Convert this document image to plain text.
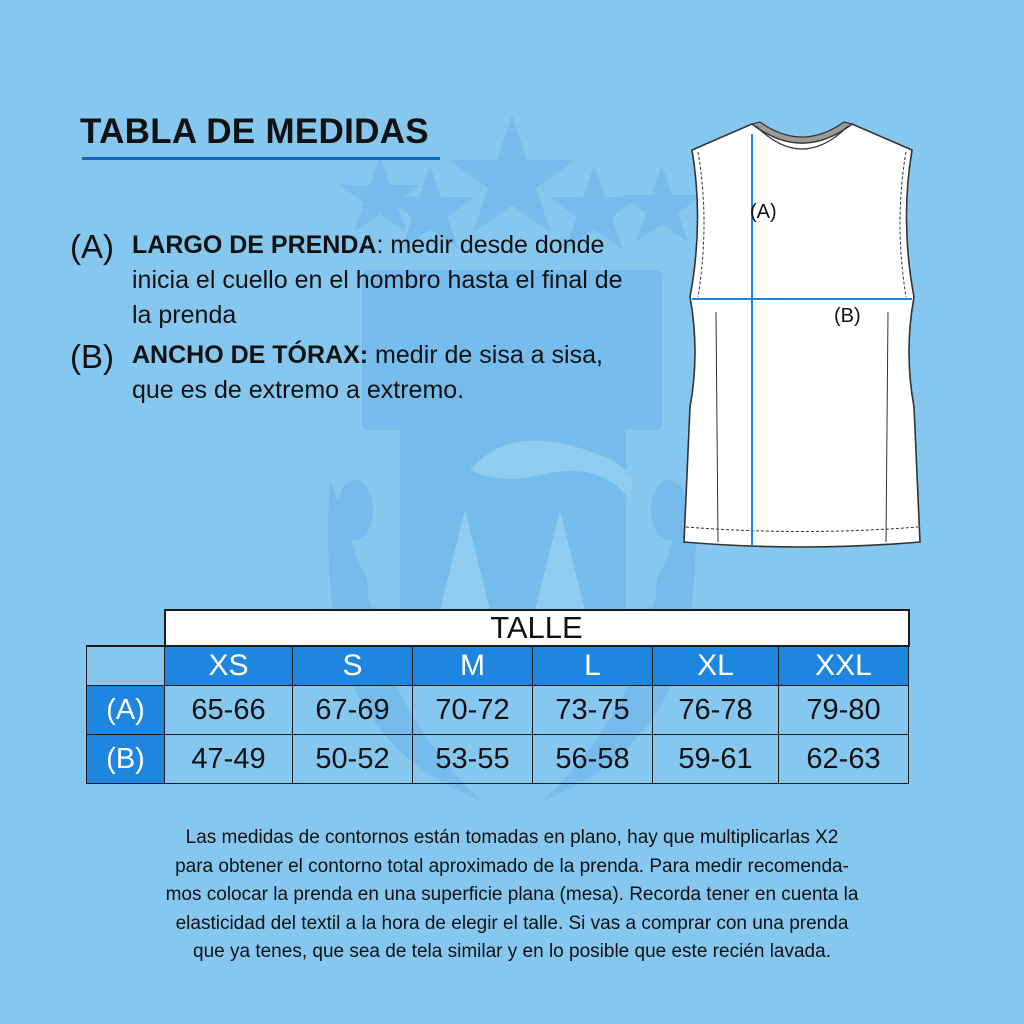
TABLA DE MEDIDAS
(A) LARGO DE PRENDA: medir desde donde inicia el cuello en el hombro hasta el final de la prenda
(B) ANCHO DE TÓRAX: medir de sisa a sisa, que es de extremo a extremo.
(A)
(B)
	TALLE					
	XS	S	M	L	XL	XXL
(A)	65-66	67-69	70-72	73-75	76-78	79-80
(B)	47-49	50-52	53-55	56-58	59-61	62-63

Las medidas de contornos están tomadas en plano, hay que multiplicarlas X2
para obtener el contorno total aproximado de la prenda. Para medir recomenda-
mos colocar la prenda en una superficie plana (mesa). Recorda tener en cuenta la
elasticidad del textil a la hora de elegir el talle. Si vas a comprar con una prenda
que ya tenes, que sea de tela similar y en lo posible que este recién lavada.
